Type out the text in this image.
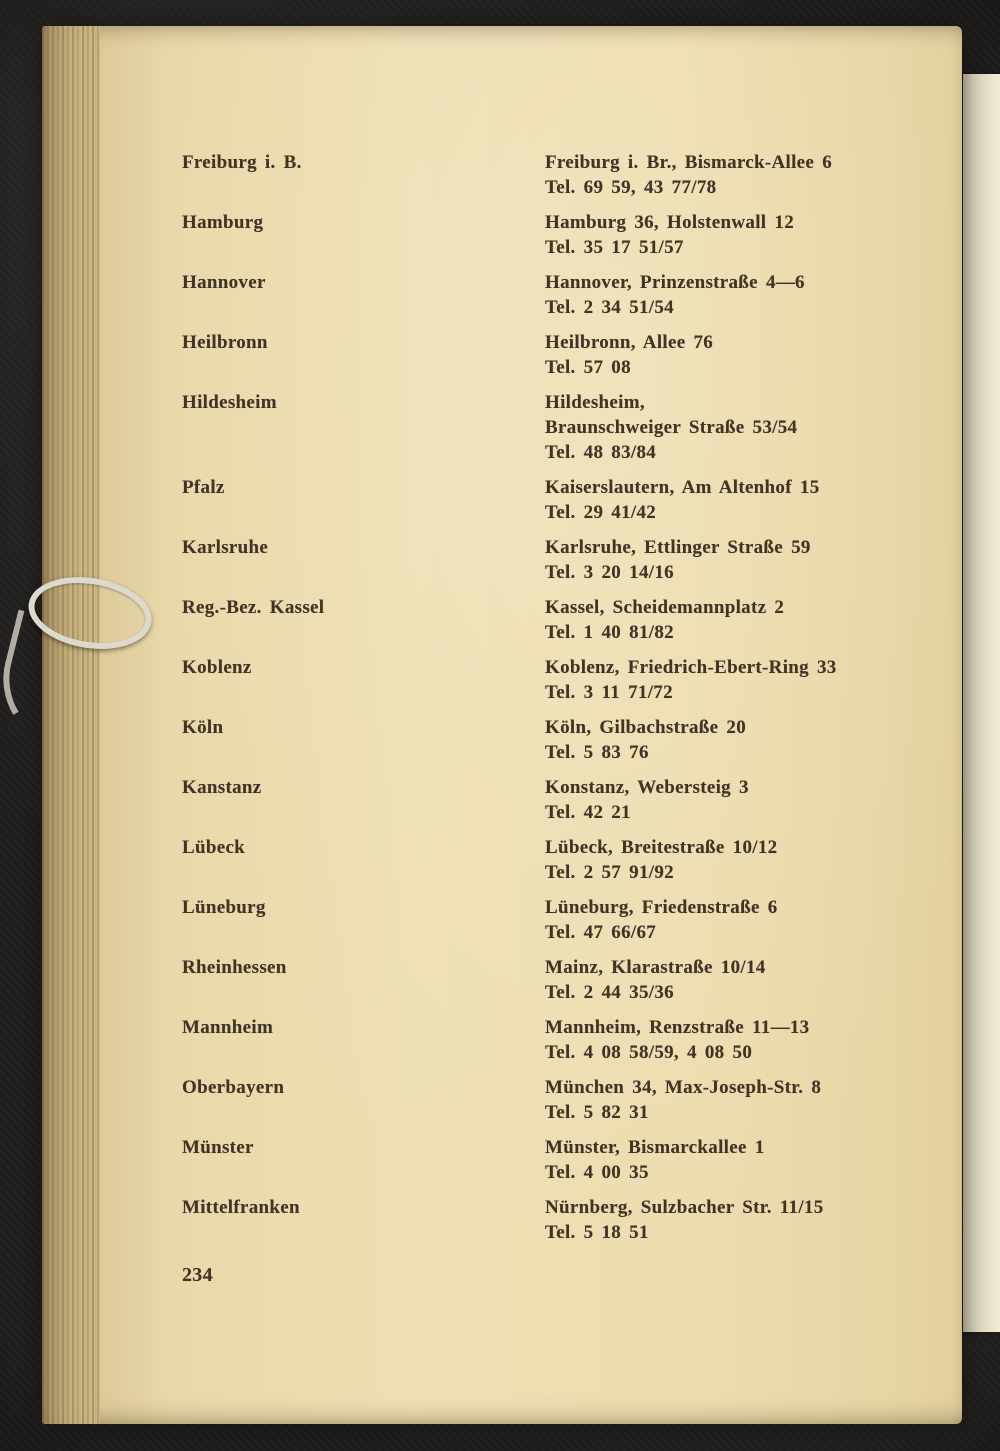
Freiburg i. B.	Freiburg i. Br., Bismarck-Allee 6
Tel. 69 59, 43 77/78
Hamburg	Hamburg 36, Holstenwall 12
Tel. 35 17 51/57
Hannover	Hannover, Prinzenstraße 4—6
Tel. 2 34 51/54
Heilbronn	Heilbronn, Allee 76
Tel. 57 08
Hildesheim	Hildesheim,
Braunschweiger Straße 53/54
Tel. 48 83/84
Pfalz	Kaiserslautern, Am Altenhof 15
Tel. 29 41/42
Karlsruhe	Karlsruhe, Ettlinger Straße 59
Tel. 3 20 14/16
Reg.-Bez. Kassel	Kassel, Scheidemannplatz 2
Tel. 1 40 81/82
Koblenz	Koblenz, Friedrich-Ebert-Ring 33
Tel. 3 11 71/72
Köln	Köln, Gilbachstraße 20
Tel. 5 83 76
Kanstanz	Konstanz, Webersteig 3
Tel. 42 21
Lübeck	Lübeck, Breitestraße 10/12
Tel. 2 57 91/92
Lüneburg	Lüneburg, Friedenstraße 6
Tel. 47 66/67
Rheinhessen	Mainz, Klarastraße 10/14
Tel. 2 44 35/36
Mannheim	Mannheim, Renzstraße 11—13
Tel. 4 08 58/59, 4 08 50
Oberbayern	München 34, Max-Joseph-Str. 8
Tel. 5 82 31
Münster	Münster, Bismarckallee 1
Tel. 4 00 35
Mittelfranken	Nürnberg, Sulzbacher Str. 11/15
Tel. 5 18 51
234
